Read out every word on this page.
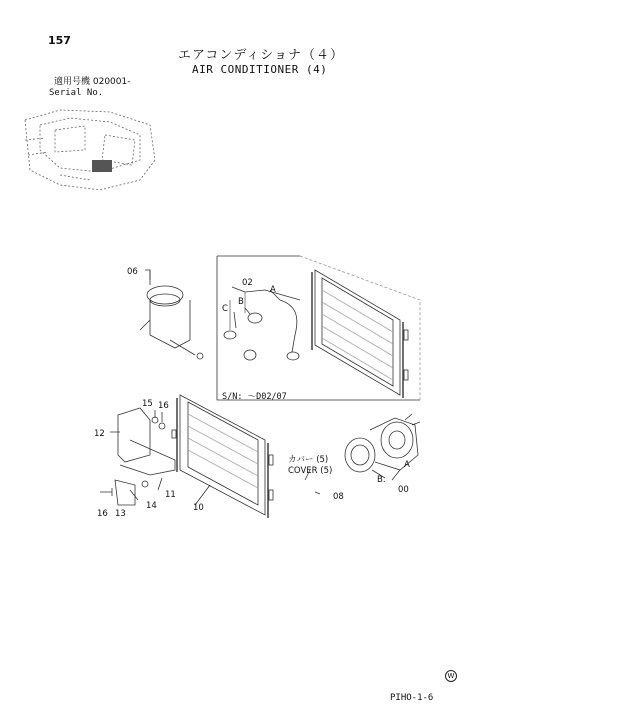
157
エアコンディショナ（４）
AIR CONDITIONER (4)
適用号機 020001-
Serial No.
06
02
A
B
C
S/N: ～D02/07
15 16
12
11
14	10
16 13
カバー (5)
COVER (5)
08
A
B.
00
W
PIHO-1-6
